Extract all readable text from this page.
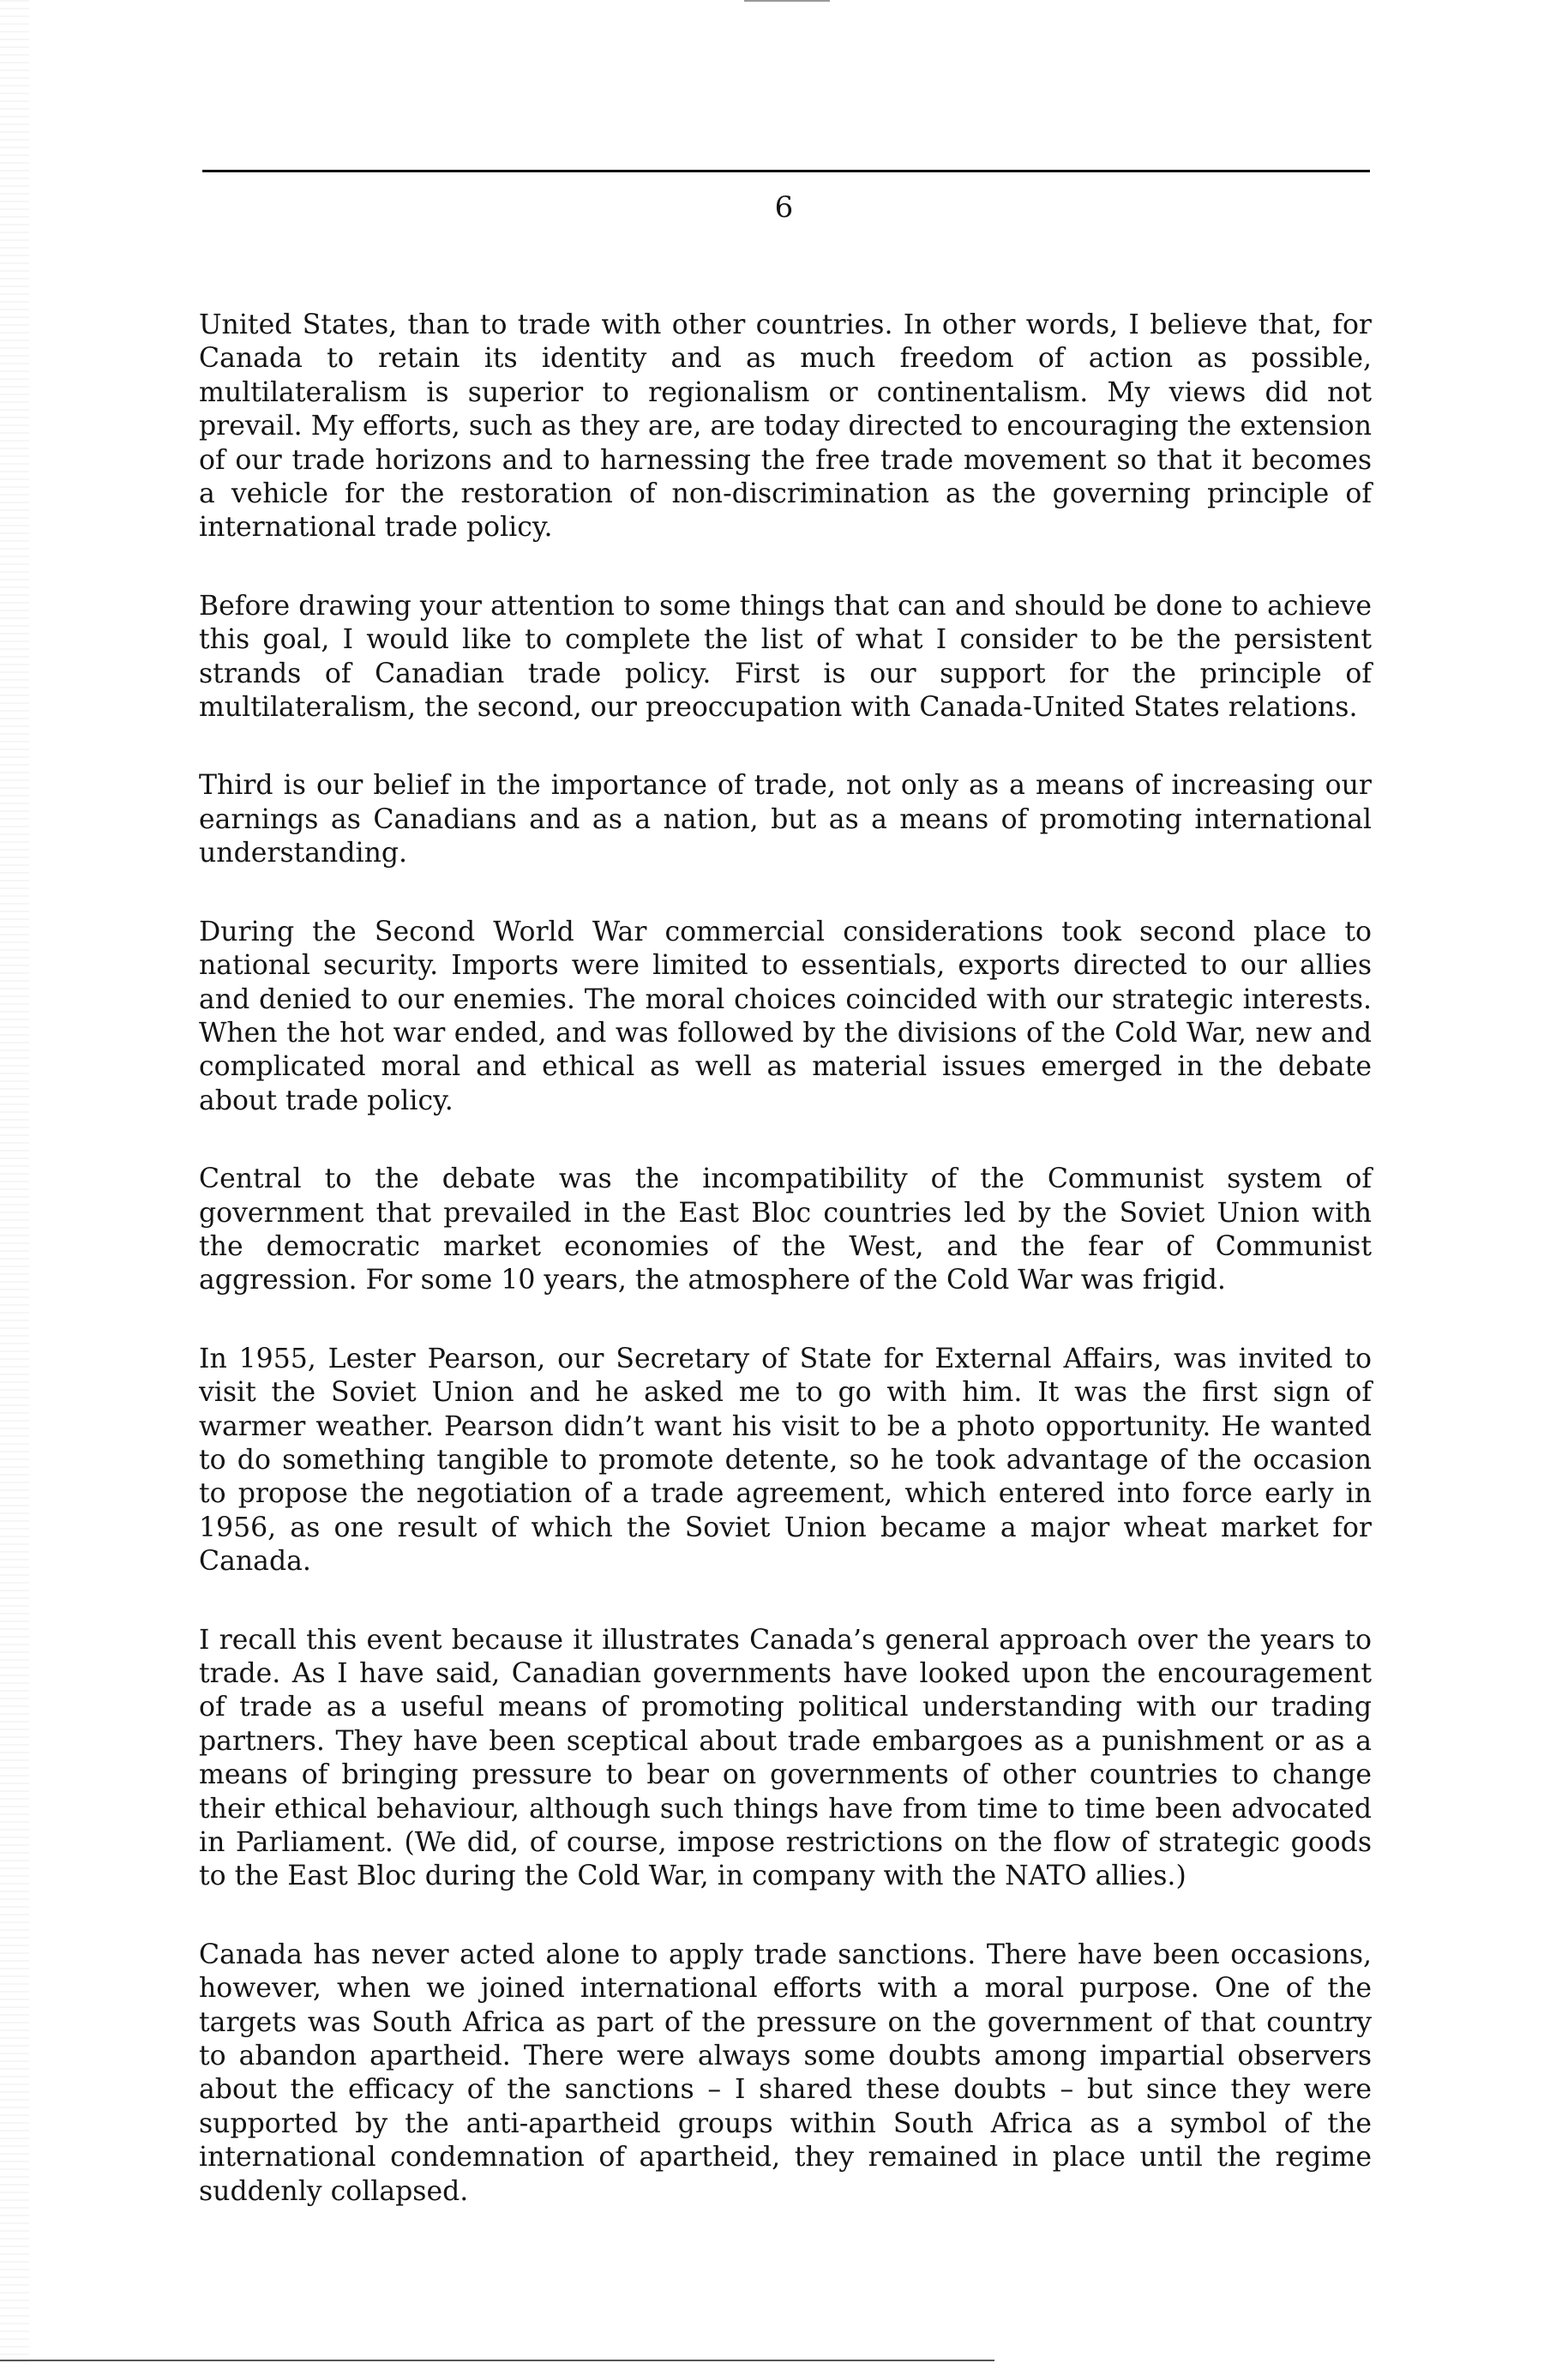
6

United States, than to trade with other countries. In other words, I believe that, for Canada to retain its identity and as much freedom of action as possible, multilateralism is superior to regionalism or continentalism. My views did not prevail. My efforts, such as they are, are today directed to encouraging the extension of our trade horizons and to harnessing the free trade movement so that it becomes a vehicle for the restoration of non-discrimination as the governing principle of international trade policy.

Before drawing your attention to some things that can and should be done to achieve this goal, I would like to complete the list of what I consider to be the persistent strands of Canadian trade policy. First is our support for the principle of multilateralism, the second, our preoccupation with Canada-United States relations.

Third is our belief in the importance of trade, not only as a means of increasing our earnings as Canadians and as a nation, but as a means of promoting international understanding.

During the Second World War commercial considerations took second place to national security. Imports were limited to essentials, exports directed to our allies and denied to our enemies. The moral choices coincided with our strategic interests. When the hot war ended, and was followed by the divisions of the Cold War, new and complicated moral and ethical as well as material issues emerged in the debate about trade policy.

Central to the debate was the incompatibility of the Communist system of government that prevailed in the East Bloc countries led by the Soviet Union with the democratic market economies of the West, and the fear of Communist aggression. For some 10 years, the atmosphere of the Cold War was frigid.

In 1955, Lester Pearson, our Secretary of State for External Affairs, was invited to visit the Soviet Union and he asked me to go with him. It was the first sign of warmer weather. Pearson didn’t want his visit to be a photo opportunity. He wanted to do something tangible to promote detente, so he took advantage of the occasion to propose the negotiation of a trade agreement, which entered into force early in 1956, as one result of which the Soviet Union became a major wheat market for Canada.

I recall this event because it illustrates Canada’s general approach over the years to trade. As I have said, Canadian governments have looked upon the encouragement of trade as a useful means of promoting political understanding with our trading partners. They have been sceptical about trade embargoes as a punishment or as a means of bringing pressure to bear on governments of other countries to change their ethical behaviour, although such things have from time to time been advocated in Parliament. (We did, of course, impose restrictions on the flow of strategic goods to the East Bloc during the Cold War, in company with the NATO allies.)

Canada has never acted alone to apply trade sanctions. There have been occasions, however, when we joined international efforts with a moral purpose. One of the targets was South Africa as part of the pressure on the government of that country to abandon apartheid. There were always some doubts among impartial observers about the efficacy of the sanctions – I shared these doubts – but since they were supported by the anti-apartheid groups within South Africa as a symbol of the international condemnation of apartheid, they remained in place until the regime suddenly collapsed.
